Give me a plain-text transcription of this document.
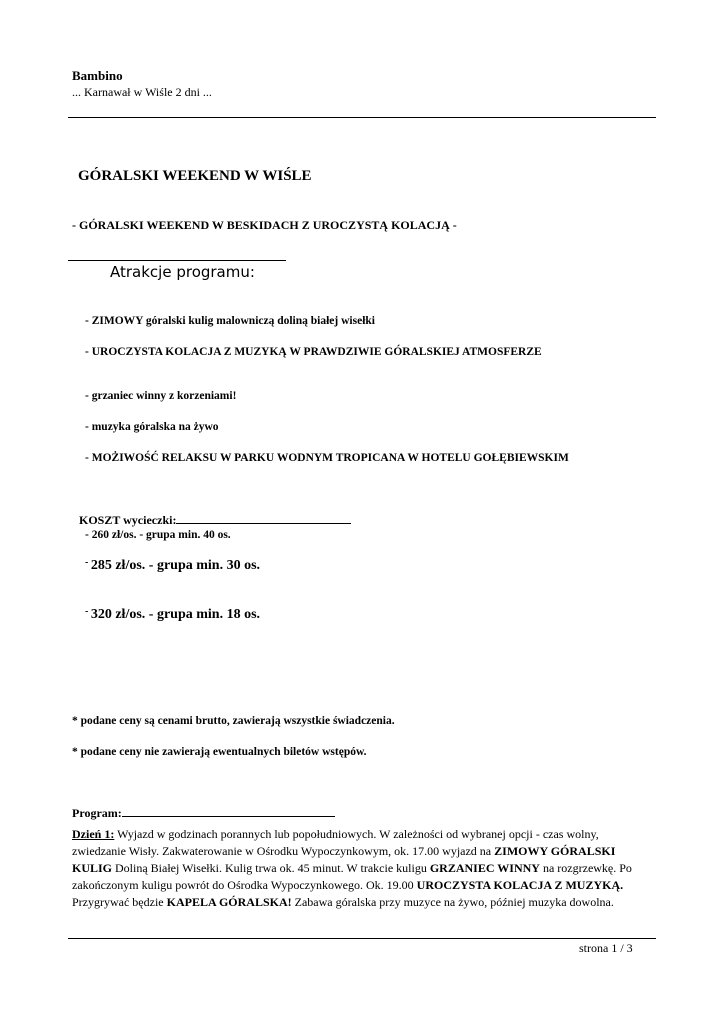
Bambino
... Karnawał w Wiśle 2 dni ...
GÓRALSKI WEEKEND W WIŚLE
- GÓRALSKI WEEKEND W BESKIDACH Z UROCZYSTĄ KOLACJĄ -
Atrakcje programu:
- ZIMOWY góralski kulig malowniczą doliną białej wisełki
- UROCZYSTA KOLACJA Z MUZYKĄ W PRAWDZIWIE GÓRALSKIEJ ATMOSFERZE
- grzaniec winny z korzeniami!
- muzyka góralska na żywo
- MOŻIWOŚĆ RELAKSU W PARKU WODNYM TROPICANA W HOTELU GOŁĘBIEWSKIM
KOSZT wycieczki:
- 260 zł/os. - grupa min. 40 os.
- 285 zł/os. - grupa min. 30 os.
- 320 zł/os. - grupa min. 18 os.
* podane ceny są cenami brutto, zawierają wszystkie świadczenia.
* podane ceny nie zawierają ewentualnych biletów wstępów.
Program:
Dzień 1: Wyjazd w godzinach porannych lub popołudniowych. W zależności od wybranej opcji - czas wolny, zwiedzanie Wisły. Zakwaterowanie w Ośrodku Wypoczynkowym, ok. 17.00 wyjazd na ZIMOWY GÓRALSKI KULIG Doliną Białej Wisełki. Kulig trwa ok. 45 minut. W trakcie kuligu GRZANIEC WINNY na rozgrzewkę. Po zakończonym kuligu powrót do Ośrodka Wypoczynkowego. Ok. 19.00 UROCZYSTA KOLACJA Z MUZYKĄ. Przygrywać będzie KAPELA GÓRALSKA! Zabawa góralska przy muzyce na żywo, później muzyka dowolna.
strona 1 / 3
